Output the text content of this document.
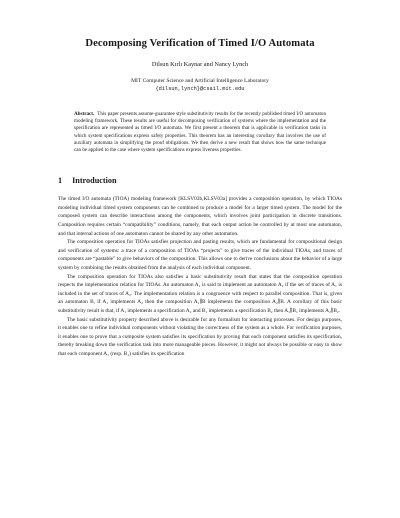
Decomposing Verification of Timed I/O Automata
Dilsun Kırlı Kaynar and Nancy Lynch
MIT Computer Science and Artificial Intelligence Laboratory
{dilsun,lynch}@csail.mit.edu
Abstract. This paper presents assume-guarantee style substitutivity results for the recently published timed I/O automaton modeling framework. These results are useful for decomposing verification of systems where the implementation and the specification are represented as timed I/O automata. We first present a theorem that is applicable in verification tasks in which system specifications express safety properties. This theorem has an interesting corollary that involves the use of auxiliary automata in simplifying the proof obligations. We then derive a new result that shows how the same technique can be applied to the case where system specifications express liveness properties.
1 Introduction

The timed I/O automata (TIOA) modeling framework [KLSV03b,KLSV03a] provides a composition operation, by which TIOAs modeling individual timed system components can be combined to produce a model for a larger timed system. The model for the composed system can describe interactions among the components, which involves joint participation in discrete transitions. Composition requires certain “compatibility” conditions, namely, that each output action be controlled by at most one automaton, and that internal actions of one automaton cannot be shared by any other automaton.

The composition operation for TIOAs satisfies projection and pasting results, which are fundamental for compositional design and verification of systems: a trace of a composition of TIOAs “projects” to give traces of the individual TIOAs, and traces of components are “pastable” to give behaviors of the composition. This allows one to derive conclusions about the behavior of a large system by combining the results obtained from the analysis of each individual component.

The composition operation for TIOAs also satisfies a basic substitutivity result that states that the composition operation respects the implementation relation for TIOAs. An automaton A₁ is said to implement an automaton A₂ if the set of traces of A₁ is included in the set of traces of A₂. The implementation relation is a congruence with respect to parallel composition. That is, given an automaton B, if A₁ implements A₂ then the composition A₁∥B implements the composition A₂∥B. A corollary of this basic substitutivity result is that, if A₁ implements a specification A₂ and B₁ implements a specification B₂ then A₁∥B₁ implements A₂∥B₂.

The basic substitutivity property described above is desirable for any formalism for interacting processes. For design purposes, it enables one to refine individual components without violating the correctness of the system as a whole. For verification purposes, it enables one to prove that a composite system satisfies its specification by proving that each component satisfies its specification, thereby breaking down the verification task into more manageable pieces. However, it might not always be possible or easy to show that each component A₁ (resp. B₁) satisfies its specification
